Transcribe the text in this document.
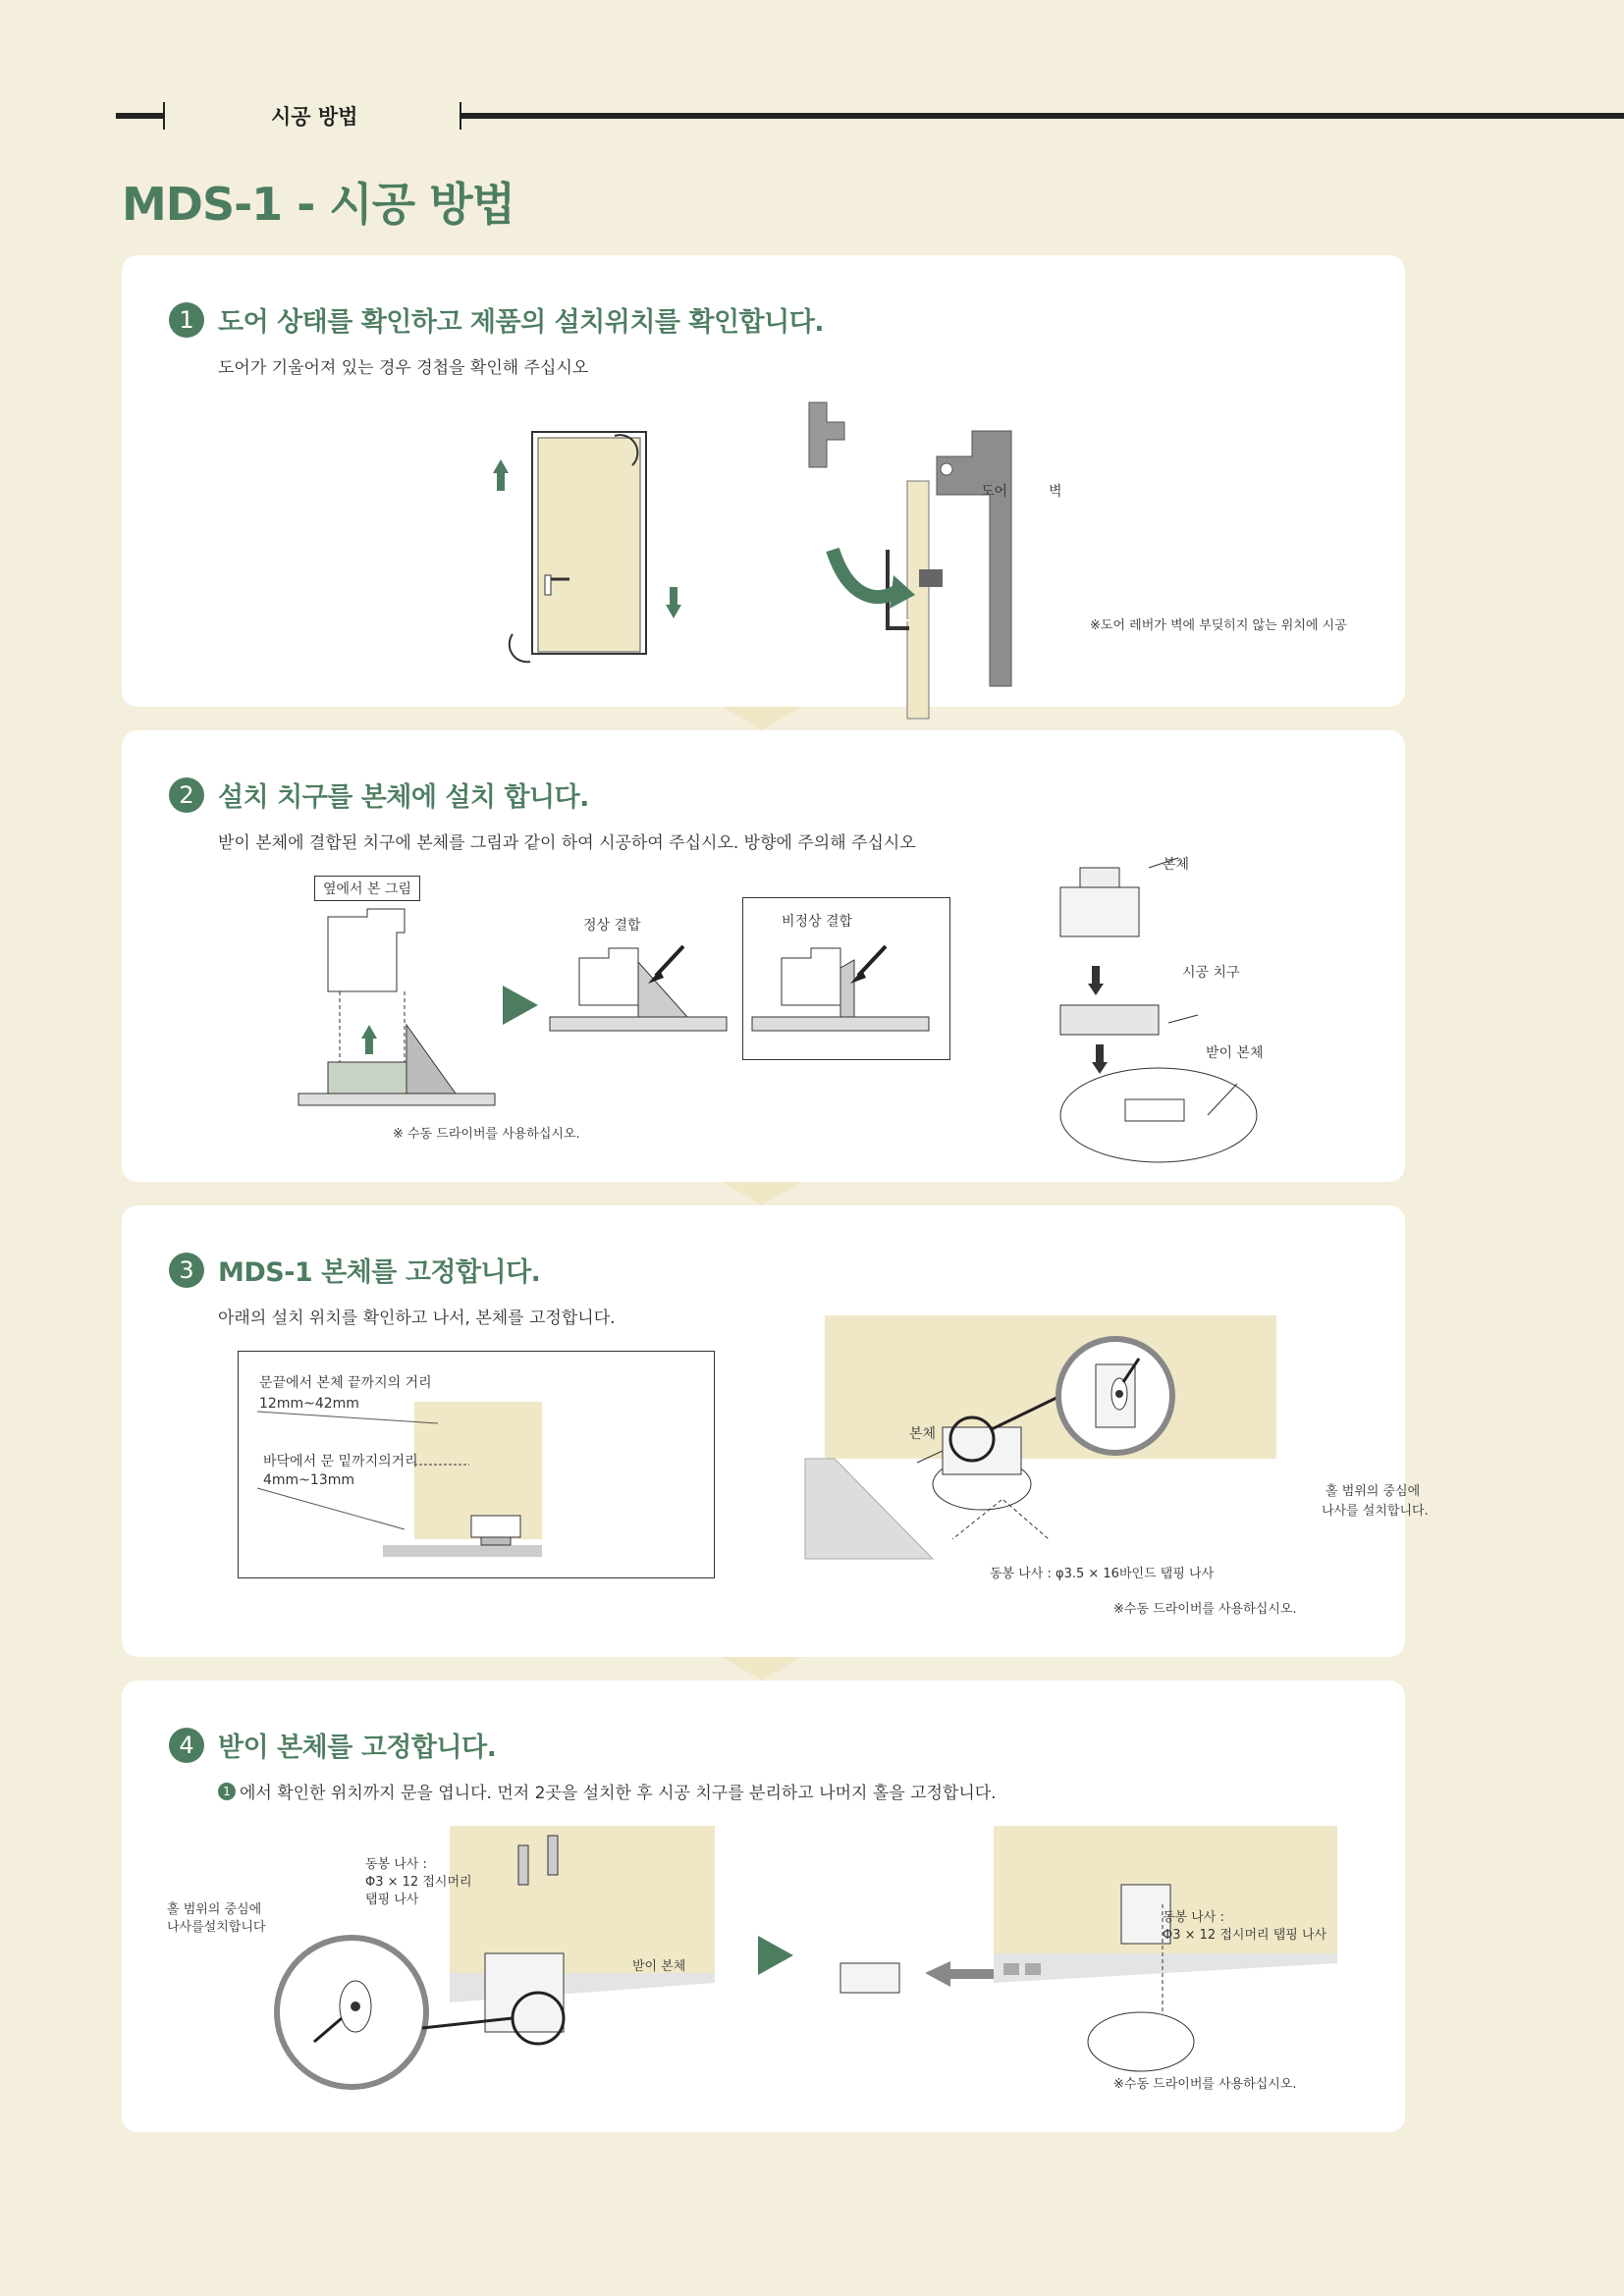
시공 방법
MDS-1 - 시공 방법
1 도어 상태를 확인하고 제품의 설치위치를 확인합니다.
도어가 기울어져 있는 경우 경첩을 확인해 주십시오
도어	벽
※도어 레버가 벽에 부딪히지 않는 위치에 시공
2 설치 치구를 본체에 설치 합니다.
받이 본체에 결합된 치구에 본체를 그림과 같이 하여 시공하여 주십시오. 방향에 주의해 주십시오
옆에서 본 그림
※ 수동 드라이버를 사용하십시오.
정상 결합	비정상 결합
본체
시공 치구
받이 본체
3 MDS-1 본체를 고정합니다.
아래의 설치 위치를 확인하고 나서, 본체를 고정합니다.
문끝에서 본체 끝까지의 거리
12mm~42mm
바닥에서 문 밑까지의거리
4mm~13mm
본체
홀 범위의 중심에
나사를 설치합니다.
동봉 나사 : φ3.5 × 16바인드 탭핑 나사
※수동 드라이버를 사용하십시오.
4 받이 본체를 고정합니다.
1 에서 확인한 위치까지 문을 엽니다. 먼저 2곳을 설치한 후 시공 치구를 분리하고 나머지 홀을 고정합니다.
동봉 나사 :
Φ3 × 12 접시머리
탭핑 나사
홀 범위의 중심에
나사를설치합니다
받이 본체
동봉 나사 :
Φ3 × 12 접시머리 탭핑 나사
※수동 드라이버를 사용하십시오.
